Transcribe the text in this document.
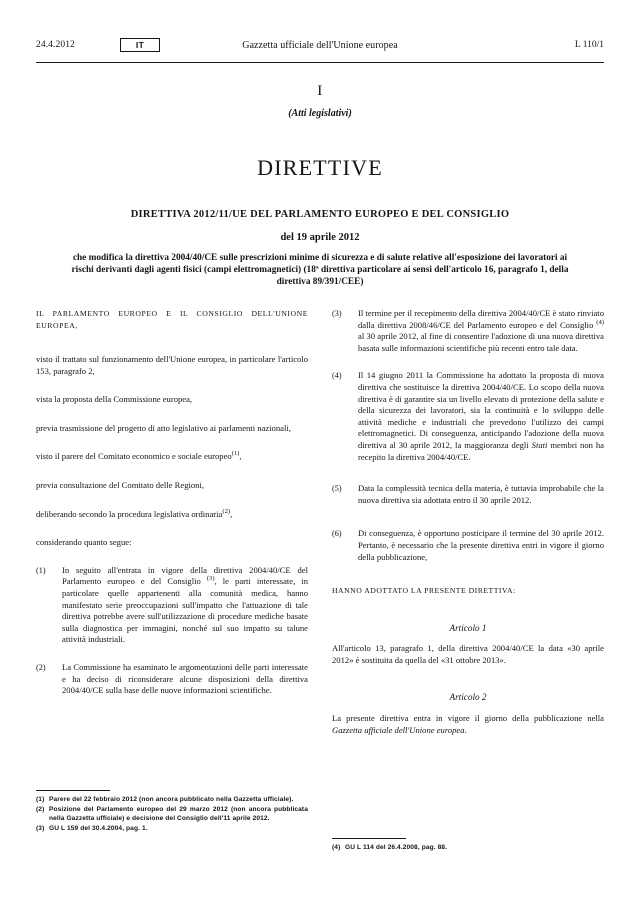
24.4.2012	IT	Gazzetta ufficiale dell'Unione europea	L 110/1
I
(Atti legislativi)
DIRETTIVE
DIRETTIVA 2012/11/UE DEL PARLAMENTO EUROPEO E DEL CONSIGLIO
del 19 aprile 2012
che modifica la direttiva 2004/40/CE sulle prescrizioni minime di sicurezza e di salute relative all'esposizione dei lavoratori ai rischi derivanti dagli agenti fisici (campi elettromagnetici) (18ª direttiva particolare ai sensi dell'articolo 16, paragrafo 1, della direttiva 89/391/CEE)
IL PARLAMENTO EUROPEO E IL CONSIGLIO DELL'UNIONE EUROPEA,
visto il trattato sul funzionamento dell'Unione europea, in particolare l'articolo 153, paragrafo 2,
vista la proposta della Commissione europea,
previa trasmissione del progetto di atto legislativo ai parlamenti nazionali,
visto il parere del Comitato economico e sociale europeo$^{(1)}$,
previa consultazione del Comitato delle Regioni,
deliberando secondo la procedura legislativa ordinaria$^{(2)}$,
considerando quanto segue:
(1)	In seguito all'entrata in vigore della direttiva 2004/40/CE del Parlamento europeo e del Consiglio $^{(3)}$, le parti interessate, in particolare quelle appartenenti alla comunità medica, hanno manifestato serie preoccupazioni sull'impatto che l'attuazione di tale direttiva potrebbe avere sull'utilizzazione di procedure mediche basate sulla diagnostica per immagini, nonché sul suo impatto su talune attività industriali.
(2)	La Commissione ha esaminato le argomentazioni delle parti interessate e ha deciso di riconsiderare alcune disposizioni della direttiva 2004/40/CE sulla base delle nuove informazioni scientifiche.
(3)	Il termine per il recepimento della direttiva 2004/40/CE è stato rinviato dalla direttiva 2008/46/CE del Parlamento europeo e del Consiglio $^{(4)}$ al 30 aprile 2012, al fine di consentire l'adozione di una nuova direttiva basata sulle informazioni scientifiche più recenti entro tale data.
(4)	Il 14 giugno 2011 la Commissione ha adottato la proposta di nuova direttiva che sostituisce la direttiva 2004/40/CE. Lo scopo della nuova direttiva è di garantire sia un livello elevato di protezione della salute e della sicurezza dei lavoratori, sia la continuità e lo sviluppo delle attività mediche e industriali che prevedono l'utilizzo dei campi elettromagnetici. Di conseguenza, anticipando l'adozione della nuova direttiva al 30 aprile 2012, la maggioranza degli Stati membri non ha recepito la direttiva 2004/40/CE.
(5)	Data la complessità tecnica della materia, è tuttavia improbabile che la nuova direttiva sia adottata entro il 30 aprile 2012.
(6)	Di conseguenza, è opportuno posticipare il termine del 30 aprile 2012. Pertanto, è necessario che la presente direttiva entri in vigore il giorno della pubblicazione,
HANNO ADOTTATO LA PRESENTE DIRETTIVA:
Articolo 1
All'articolo 13, paragrafo 1, della direttiva 2004/40/CE la data «30 aprile 2012» è sostituita da quella del «31 ottobre 2013».
Articolo 2
La presente direttiva entra in vigore il giorno della pubblicazione nella Gazzetta ufficiale dell'Unione europea.
(1) Parere del 22 febbraio 2012 (non ancora pubblicato nella Gazzetta ufficiale).
(2) Posizione del Parlamento europeo del 29 marzo 2012 (non ancora pubblicata nella Gazzetta ufficiale) e decisione del Consiglio dell'11 aprile 2012.
(3) GU L 159 del 30.4.2004, pag. 1.
(4) GU L 114 del 26.4.2008, pag. 88.
